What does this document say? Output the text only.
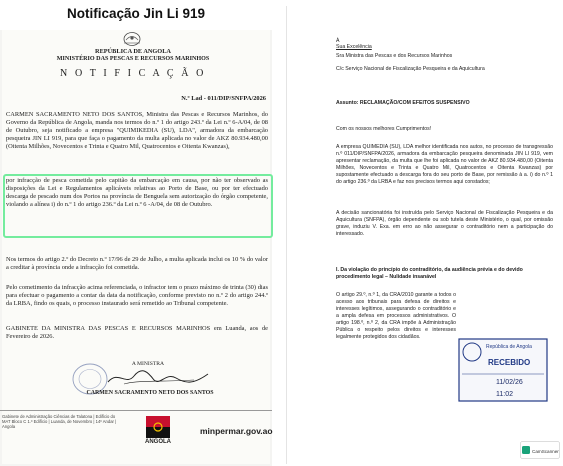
Notificação Jin Li 919
REPÚBLICA DE ANGOLA
MINISTÉRIO DAS PESCAS E RECURSOS MARINHOS
N O T I F I C A Ç Ã O
N.º Lad - 011/DIP/SNFPA/2026
CARMEN SACRAMENTO NETO DOS SANTOS, Ministra das Pescas e Recursos Marinhos, do Governo da República de Angola, manda nos termos do n.º 1 do artigo 243.º da Lei n.º 6-A/04, de 08 de Outubro, seja notificado a empresa "QUIMIKEDIA (SU), LDA", armadora da embarcação pesqueira JIN LI 919, para que faça o pagamento da multa aplicada no valor de AKZ 80.934.480,00 (Oitenta Milhões, Novecentos e Trinta e Quatro Mil, Quatrocentos e Oitenta Kwanzas),
por infracção de pesca cometida pelo capitão da embarcação em causa, por não ter observado as disposições da Lei e Regulamentos aplicáveis relativas ao Porto de Base, ou por ter efectuado descarga de pescado num dos Portos na província de Benguela sem autorização do órgão competente, violando a alínea i) do n.º 1 do artigo 236.º da Lei n.º 6 -A/04, de 08 de Outubro.
Nos termos do artigo 2.º do Decreto n.º 17/96 de 29 de Julho, a multa aplicada inclui os 10 % do valor a creditar à província onde a infracção foi cometida.
Pelo cometimento da infracção acima referenciada, o infractor tem o prazo máximo de trinta (30) dias para efectuar o pagamento a contar da data da notificação, conforme previsto no n.º 2 do artigo 244.º da LRBA, findo os quais, o processo instaurado será remetido ao Tribunal competente.
GABINETE DA MINISTRA DAS PESCAS E RECURSOS MARINHOS em Luanda, aos de Fevereiro de 2026.
A MINISTRA
CARMEN SACRAMENTO NETO DOS SANTOS
Gabinete de Administração Ciências de Talatona | Edifício do MAT Bloco C 1.º Edifício | Luanda, de Novembro | 14º Andar | Angola
ANGOLA
minpermar.gov.ao
À
Sua Excelência
Sra Ministra das Pescas e dos Recursos Marinhos
C/c Serviço Nacional de Fiscalização Pesqueira e da Aquicultura
Assunto: RECLAMAÇÃO/COM EFEITOS SUSPENSIVO
Com os nossos melhores Cumprimentos!
A empresa QUIMEDIA (SU), LDA melhor identificada nos autos, no processo de transgressão n.º 011/DIP/SNFPA/2026, armadora da embarcação pesqueira denominada JIN LI 919, vem apresentar reclamação, da multa que lhe foi aplicada no valor de AKZ 80.934.480,00 (Oitenta Milhões, Novecentos e Trinta e Quatro Mil, Quatrocentos e Oitenta Kwanzas) por supostamente efectuado a descarga fora do seu porto de Base, por remissão à a. i) do n.º 1 do artigo 236.º da LRBA e faz nos precisos termos aqui constados;
A decisão sancionatória foi instruída pelo Serviço Nacional de Fiscalização Pesqueira e da Aquicultura (SNFPA), órgão dependente ou sob tutela deste Ministério, o qual, por omissão grave, induziu V. Exa. em erro ao não assegurar o contraditório nem a participação do interessado.
I. Da violação do princípio do contraditório, da audiência prévia e do devido procedimento legal – Nulidade insanável
O artigo 29.º, n.º 1, da CRA/2010 garante a todos o acesso aos tribunais para defesa de direitos e interesses legítimos, assegurando o contraditório e a ampla defesa em processos administrativos. O artigo 198.º, n.º 2, da CRA impõe à Administração Pública o respeito pelos direitos e interesses legalmente protegidos dos cidadãos.
República de Angola
RECEBIDO
11/02/26
11:02
CamScanner
